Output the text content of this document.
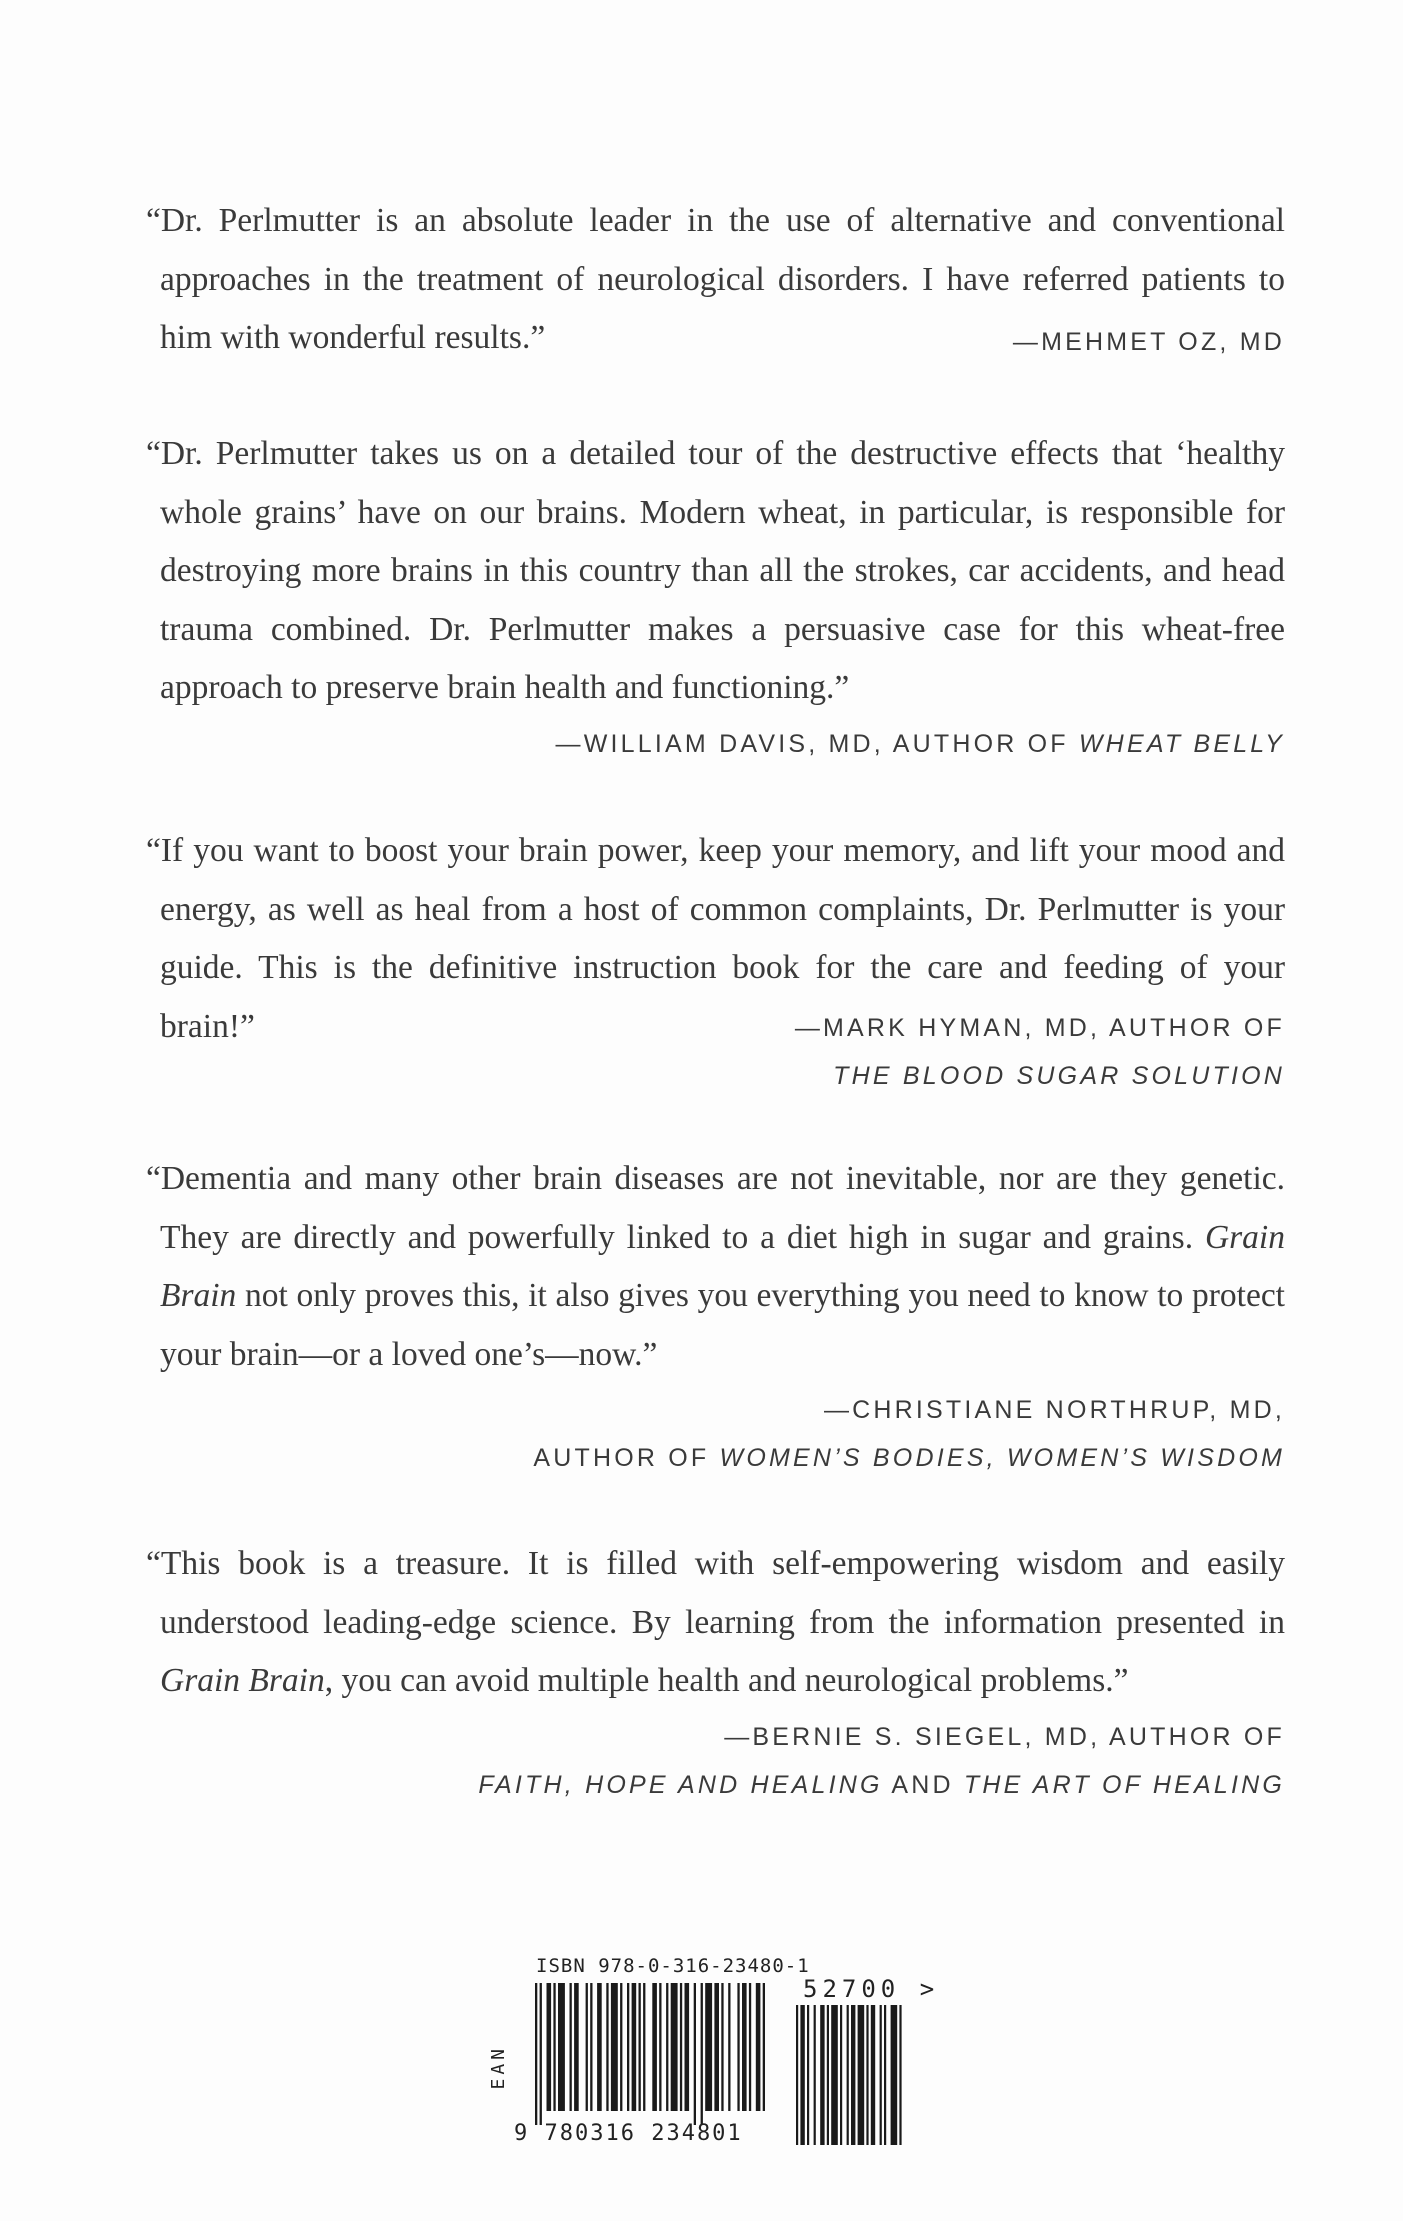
“Dr. Perlmutter is an absolute leader in the use of alternative and conventional approaches in the treatment of neurological disorders. I have referred patients to him with wonderful results.”	—MEHMET OZ, MD

“Dr. Perlmutter takes us on a detailed tour of the destructive effects that ‘healthy whole grains’ have on our brains. Modern wheat, in particular, is responsible for destroying more brains in this country than all the strokes, car accidents, and head trauma combined. Dr. Perlmutter makes a persuasive case for this wheat-free approach to preserve brain health and functioning.”

—WILLIAM DAVIS, MD, AUTHOR OF WHEAT BELLY

“If you want to boost your brain power, keep your memory, and lift your mood and energy, as well as heal from a host of common complaints, Dr. Perlmutter is your guide. This is the definitive instruction book for the care and feeding of your brain!”	—MARK HYMAN, MD, AUTHOR OF

THE BLOOD SUGAR SOLUTION

“Dementia and many other brain diseases are not inevitable, nor are they genetic. They are directly and powerfully linked to a diet high in sugar and grains. Grain Brain not only proves this, it also gives you everything you need to know to protect your brain—or a loved one’s—now.”

—CHRISTIANE NORTHRUP, MD,

AUTHOR OF WOMEN’S BODIES, WOMEN’S WISDOM

“This book is a treasure. It is filled with self-empowering wisdom and easily understood leading-edge science. By learning from the information presented in Grain Brain, you can avoid multiple health and neurological problems.”

—BERNIE S. SIEGEL, MD, AUTHOR OF

FAITH, HOPE AND HEALING AND THE ART OF HEALING

ISBN 978-0-316-23480-1
EAN
52700 >
9 780316 234801
